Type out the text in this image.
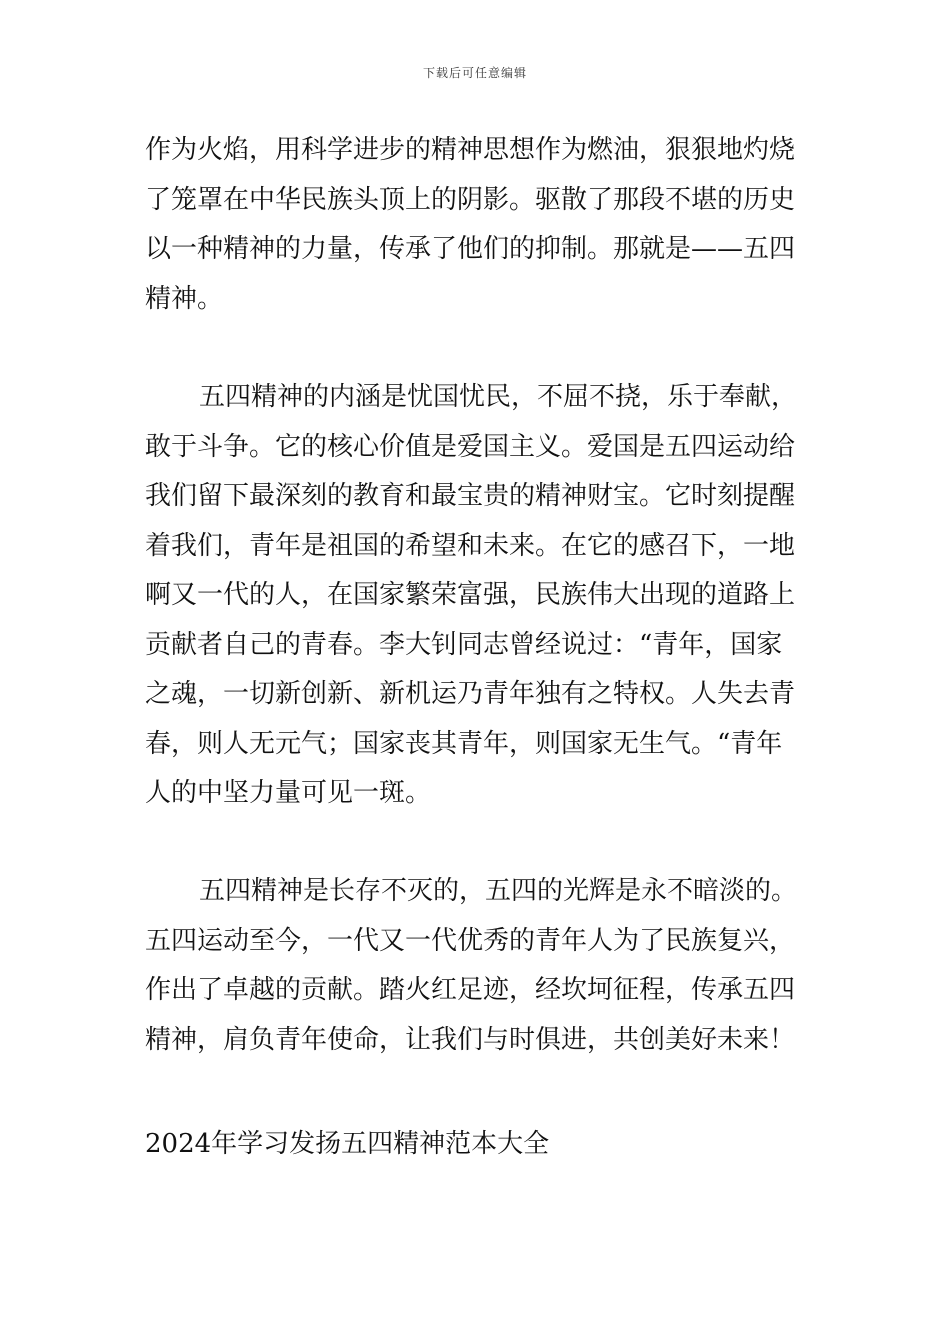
下载后可任意编辑
作为火焰，用科学进步的精神思想作为燃油，狠狠地灼烧
了笼罩在中华民族头顶上的阴影。驱散了那段不堪的历史
以一种精神的力量，传承了他们的抑制。那就是——五四
精神。
五四精神的内涵是忧国忧民，不屈不挠，乐于奉献，
敢于斗争。它的核心价值是爱国主义。爱国是五四运动给
我们留下最深刻的教育和最宝贵的精神财宝。它时刻提醒
着我们，青年是祖国的希望和未来。在它的感召下，一地
啊又一代的人，在国家繁荣富强，民族伟大出现的道路上
贡献者自己的青春。李大钊同志曾经说过：“青年，国家
之魂，一切新创新、新机运乃青年独有之特权。人失去青
春，则人无元气；国家丧其青年，则国家无生气。“青年
人的中坚力量可见一斑。
五四精神是长存不灭的，五四的光辉是永不暗淡的。
五四运动至今，一代又一代优秀的青年人为了民族复兴，
作出了卓越的贡献。踏火红足迹，经坎坷征程，传承五四
精神，肩负青年使命，让我们与时俱进，共创美好未来！
2024年学习发扬五四精神范本大全
